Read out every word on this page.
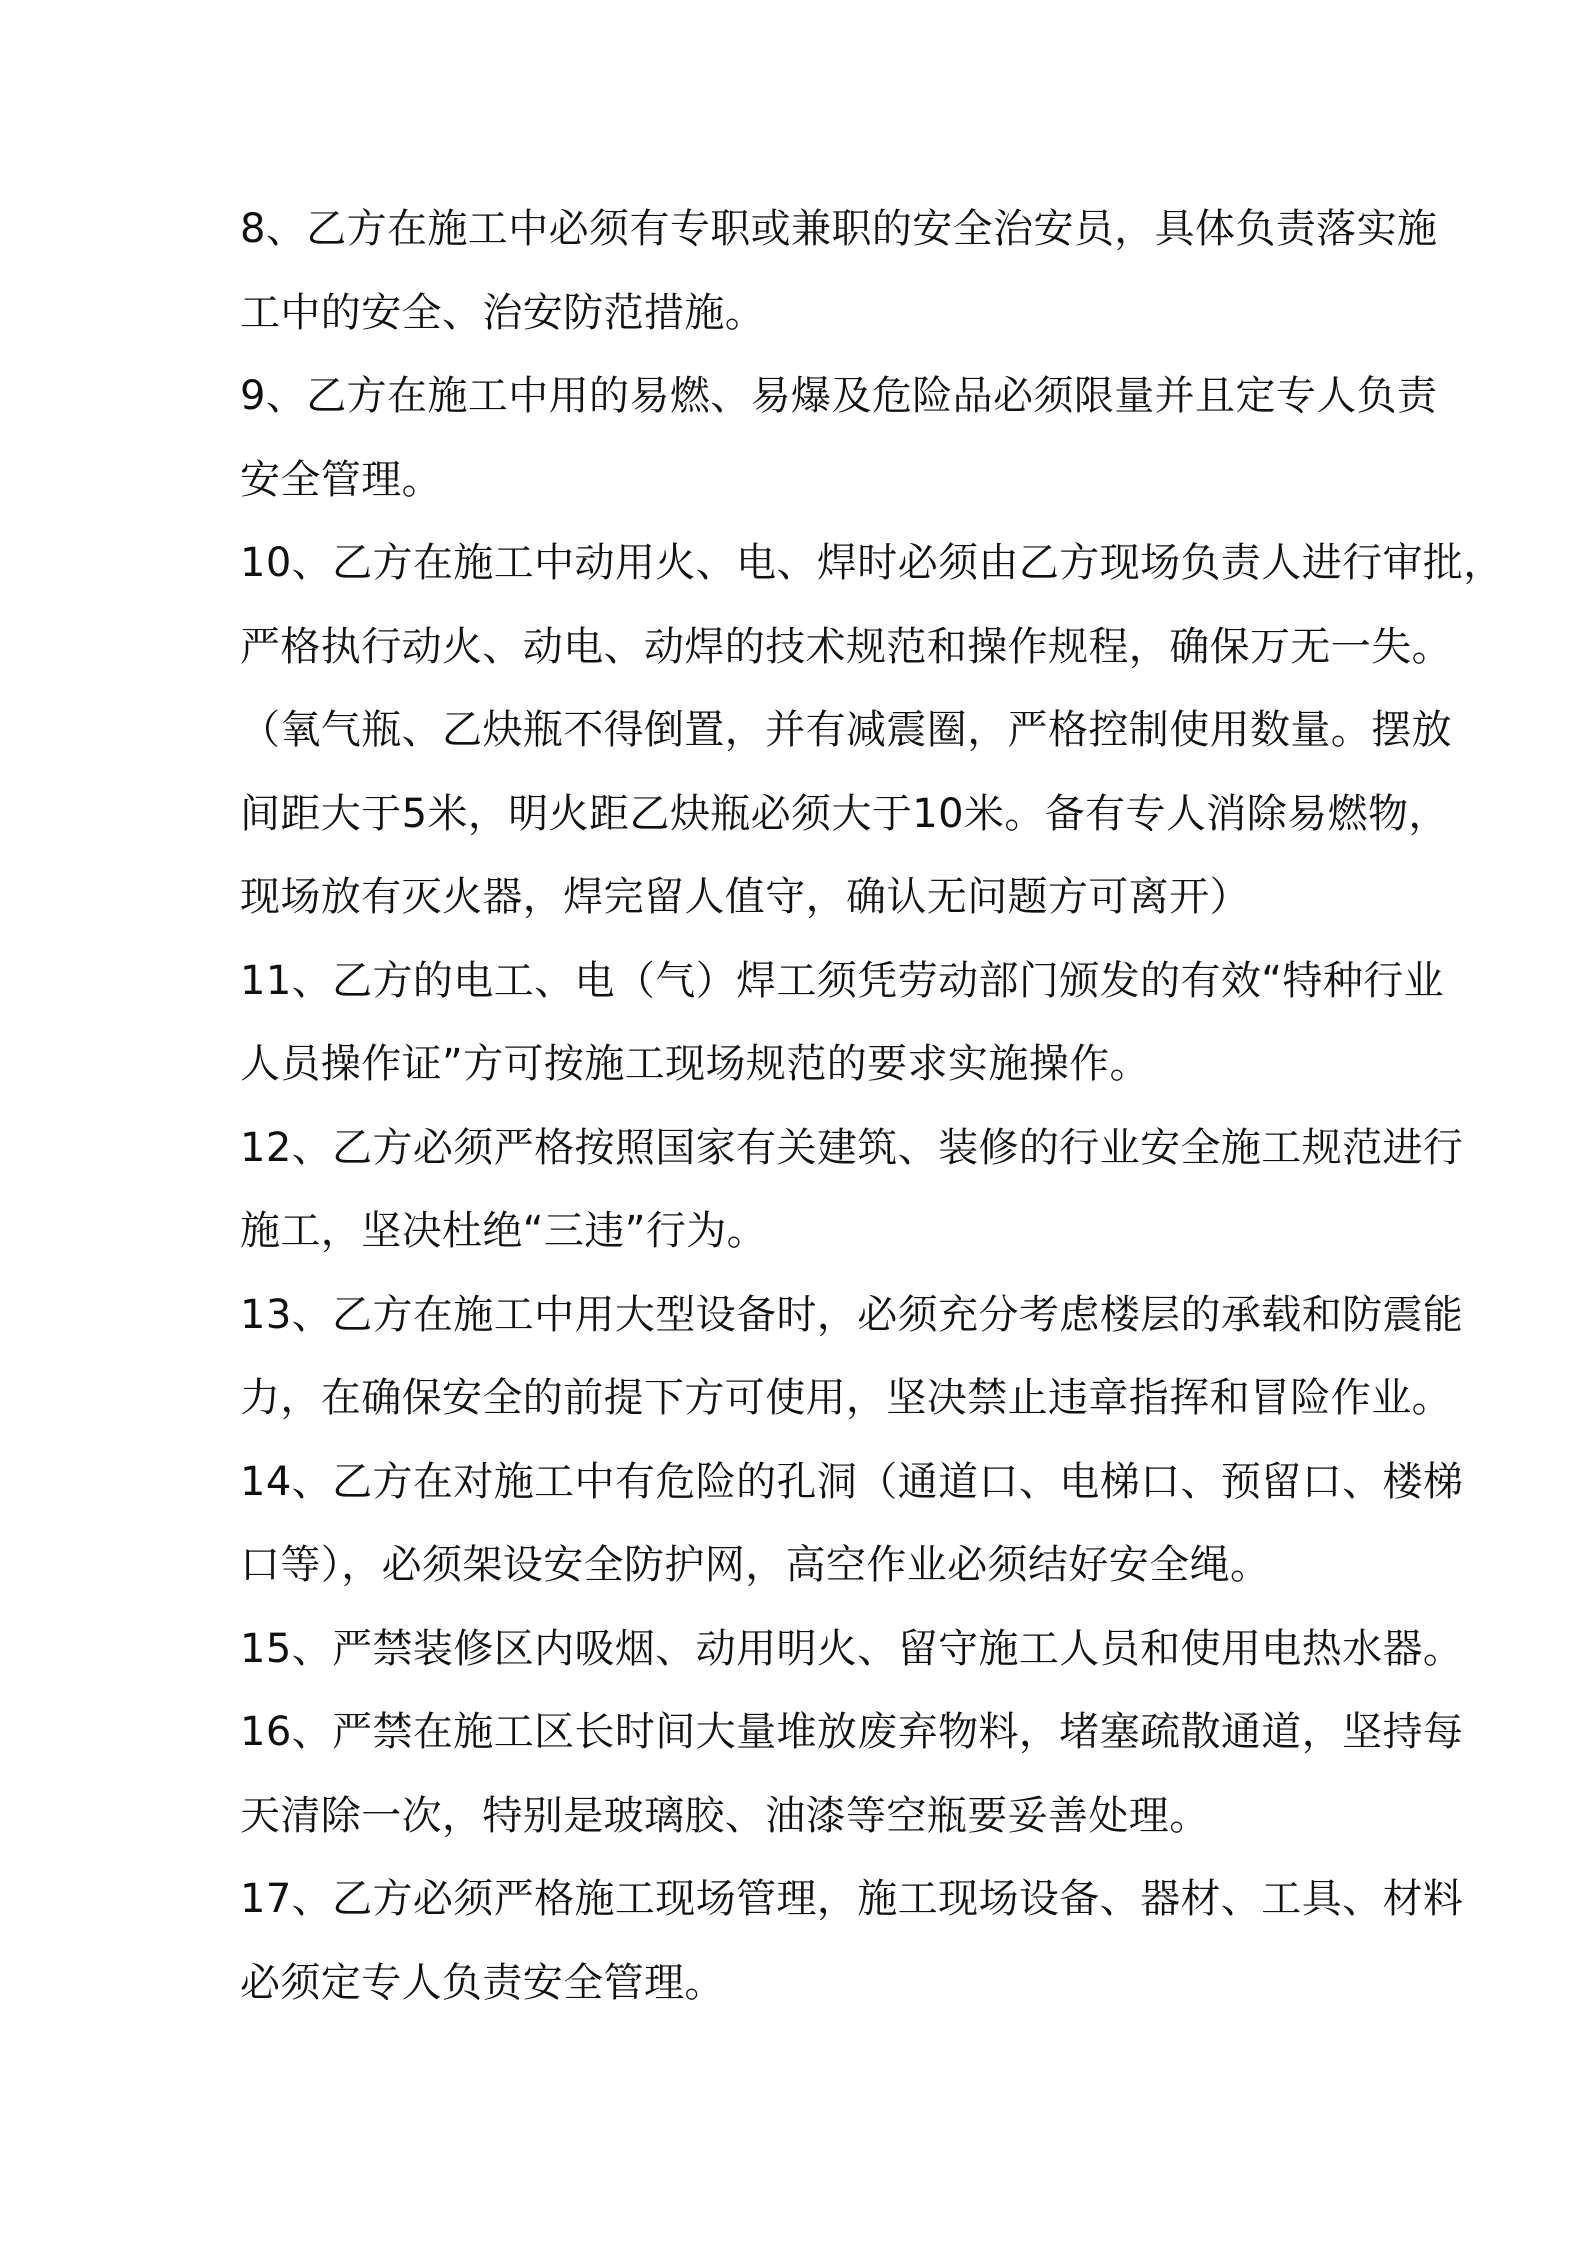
8、乙方在施工中必须有专职或兼职的安全治安员，具体负责落实施
工中的安全、治安防范措施。
9、乙方在施工中用的易燃、易爆及危险品必须限量并且定专人负责
安全管理。
10、乙方在施工中动用火、电、焊时必须由乙方现场负责人进行审批，
严格执行动火、动电、动焊的技术规范和操作规程，确保万无一失。
（氧气瓶、乙炔瓶不得倒置，并有减震圈，严格控制使用数量。摆放
间距大于5米，明火距乙炔瓶必须大于10米。备有专人消除易燃物，
现场放有灭火器，焊完留人值守，确认无问题方可离开）
11、乙方的电工、电（气）焊工须凭劳动部门颁发的有效“特种行业
人员操作证”方可按施工现场规范的要求实施操作。
12、乙方必须严格按照国家有关建筑、装修的行业安全施工规范进行
施工，坚决杜绝“三违”行为。
13、乙方在施工中用大型设备时，必须充分考虑楼层的承载和防震能
力，在确保安全的前提下方可使用，坚决禁止违章指挥和冒险作业。
14、乙方在对施工中有危险的孔洞（通道口、电梯口、预留口、楼梯
口等），必须架设安全防护网，高空作业必须结好安全绳。
15、严禁装修区内吸烟、动用明火、留守施工人员和使用电热水器。
16、严禁在施工区长时间大量堆放废弃物料，堵塞疏散通道，坚持每
天清除一次，特别是玻璃胶、油漆等空瓶要妥善处理。
17、乙方必须严格施工现场管理，施工现场设备、器材、工具、材料
必须定专人负责安全管理。
